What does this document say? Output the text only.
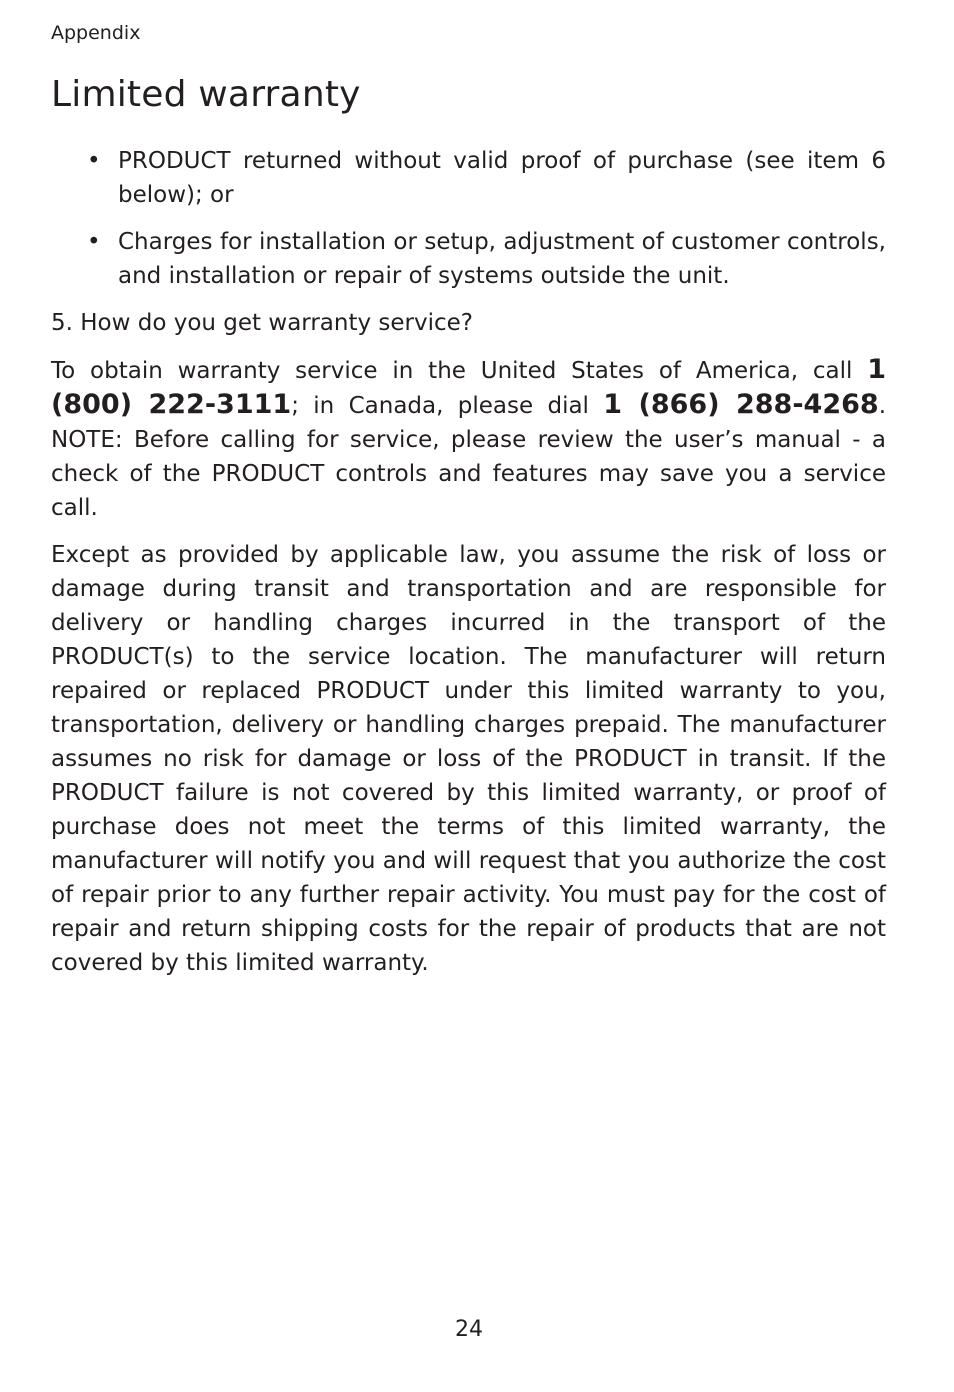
Appendix
Limited warranty
• PRODUCT returned without valid proof of purchase (see item 6 below); or
• Charges for installation or setup, adjustment of customer controls, and installation or repair of systems outside the unit.

5. How do you get warranty service?

To obtain warranty service in the United States of America, call 1 (800) 222-3111; in Canada, please dial 1 (866) 288-4268. NOTE: Before calling for service, please review the user’s manual - a check of the PRODUCT controls and features may save you a service call.

Except as provided by applicable law, you assume the risk of loss or damage during transit and transportation and are responsible for delivery or handling charges incurred in the transport of the PRODUCT(s) to the service location. The manufacturer will return repaired or replaced PRODUCT under this limited warranty to you, transportation, delivery or handling charges prepaid. The manufacturer assumes no risk for damage or loss of the PRODUCT in transit. If the PRODUCT failure is not covered by this limited warranty, or proof of purchase does not meet the terms of this limited warranty, the manufacturer will notify you and will request that you authorize the cost of repair prior to any further repair activity. You must pay for the cost of repair and return shipping costs for the repair of products that are not covered by this limited warranty.

24
